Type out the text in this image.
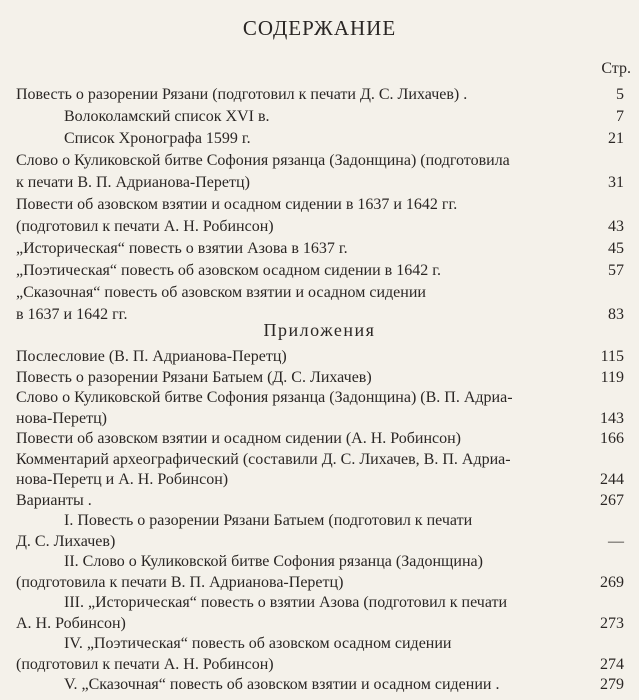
СОДЕРЖАНИЕ
Стр.
Повесть о разорении Рязани (подготовил к печати Д. С. Лихачев) .	5
Волоколамский список XVI в.	7
Список Хронографа 1599 г.	21
Слово о Куликовской битве Софония рязанца (Задонщина) (подготовила
к печати В. П. Адрианова-Перетц)	31
Повести об азовском взятии и осадном сидении в 1637 и 1642 гг.
(подготовил к печати А. Н. Робинсон)	43
„Историческая“ повесть о взятии Азова в 1637 г.	45
„Поэтическая“ повесть об азовском осадном сидении в 1642 г.	57
„Сказочная“ повесть об азовском взятии и осадном сидении
в 1637 и 1642 гг.	83
Приложения
Послесловие (В. П. Адрианова-Перетц)	115
Повесть о разорении Рязани Батыем (Д. С. Лихачев)	119
Слово о Куликовской битве Софония рязанца (Задонщина) (В. П. Адриа-
нова-Перетц)	143
Повести об азовском взятии и осадном сидении (А. Н. Робинсон)	166
Комментарий археографический (составили Д. С. Лихачев, В. П. Адриа-
нова-Перетц и А. Н. Робинсон)	244
Варианты .	267
I. Повесть о разорении Рязани Батыем (подготовил к печати
Д. С. Лихачев)	—
II. Слово о Куликовской битве Софония рязанца (Задонщина)
(подготовила к печати В. П. Адрианова-Перетц)	269
III. „Историческая“ повесть о взятии Азова (подготовил к печати
А. Н. Робинсон)	273
IV. „Поэтическая“ повесть об азовском осадном сидении
(подготовил к печати А. Н. Робинсон)	274
V. „Сказочная“ повесть об азовском взятии и осадном сидении .	279
